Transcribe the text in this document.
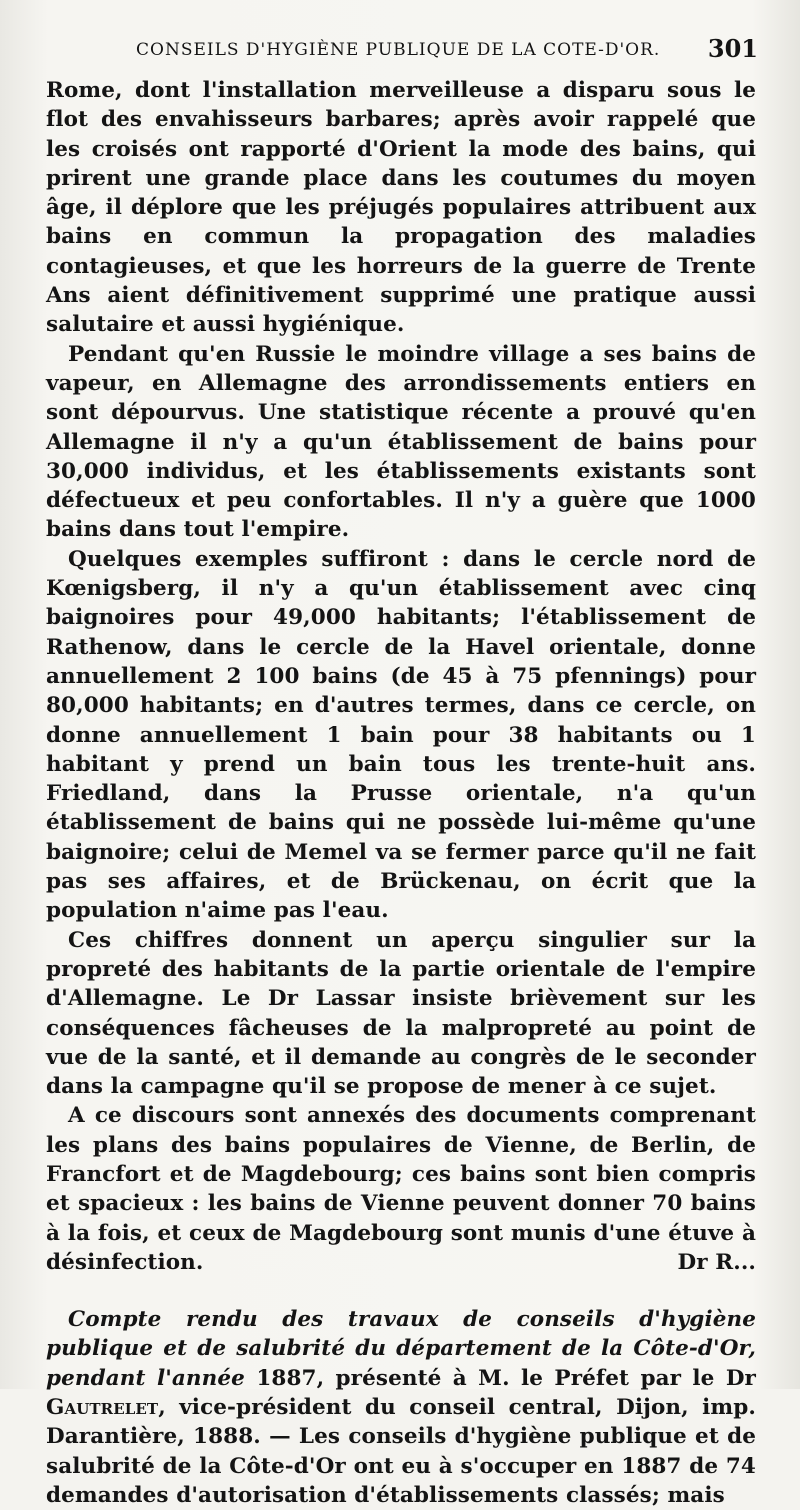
CONSEILS D'HYGIÈNE PUBLIQUE DE LA COTE-D'OR. 301

Rome, dont l'installation merveilleuse a disparu sous le flot des envahisseurs barbares; après avoir rappelé que les croisés ont rapporté d'Orient la mode des bains, qui prirent une grande place dans les coutumes du moyen âge, il déplore que les préjugés populaires attribuent aux bains en commun la propagation des maladies contagieuses, et que les horreurs de la guerre de Trente Ans aient définitivement supprimé une pratique aussi salutaire et aussi hygiénique.

Pendant qu'en Russie le moindre village a ses bains de vapeur, en Allemagne des arrondissements entiers en sont dépourvus. Une statistique récente a prouvé qu'en Allemagne il n'y a qu'un établissement de bains pour 30,000 individus, et les établissements existants sont défectueux et peu confortables. Il n'y a guère que 1000 bains dans tout l'empire.

Quelques exemples suffiront : dans le cercle nord de Kœnigsberg, il n'y a qu'un établissement avec cinq baignoires pour 49,000 habitants; l'établissement de Rathenow, dans le cercle de la Havel orientale, donne annuellement 2 100 bains (de 45 à 75 pfennings) pour 80,000 habitants; en d'autres termes, dans ce cercle, on donne annuellement 1 bain pour 38 habitants ou 1 habitant y prend un bain tous les trente-huit ans. Friedland, dans la Prusse orientale, n'a qu'un établissement de bains qui ne possède lui-même qu'une baignoire; celui de Memel va se fermer parce qu'il ne fait pas ses affaires, et de Brückenau, on écrit que la population n'aime pas l'eau.

Ces chiffres donnent un aperçu singulier sur la propreté des habitants de la partie orientale de l'empire d'Allemagne. Le Dr Lassar insiste brièvement sur les conséquences fâcheuses de la malpropreté au point de vue de la santé, et il demande au congrès de le seconder dans la campagne qu'il se propose de mener à ce sujet.

A ce discours sont annexés des documents comprenant les plans des bains populaires de Vienne, de Berlin, de Francfort et de Magdebourg; ces bains sont bien compris et spacieux : les bains de Vienne peuvent donner 70 bains à la fois, et ceux de Magdebourg sont munis d'une étuve à désinfection.	Dr R...

Compte rendu des travaux de conseils d'hygiène publique et de salubrité du département de la Côte-d'Or, pendant l'année 1887, présenté à M. le Préfet par le Dr Gautrelet, vice-président du conseil central, Dijon, imp. Darantière, 1888. — Les conseils d'hygiène publique et de salubrité de la Côte-d'Or ont eu à s'occuper en 1887 de 74 demandes d'autorisation d'établissements classés; mais
